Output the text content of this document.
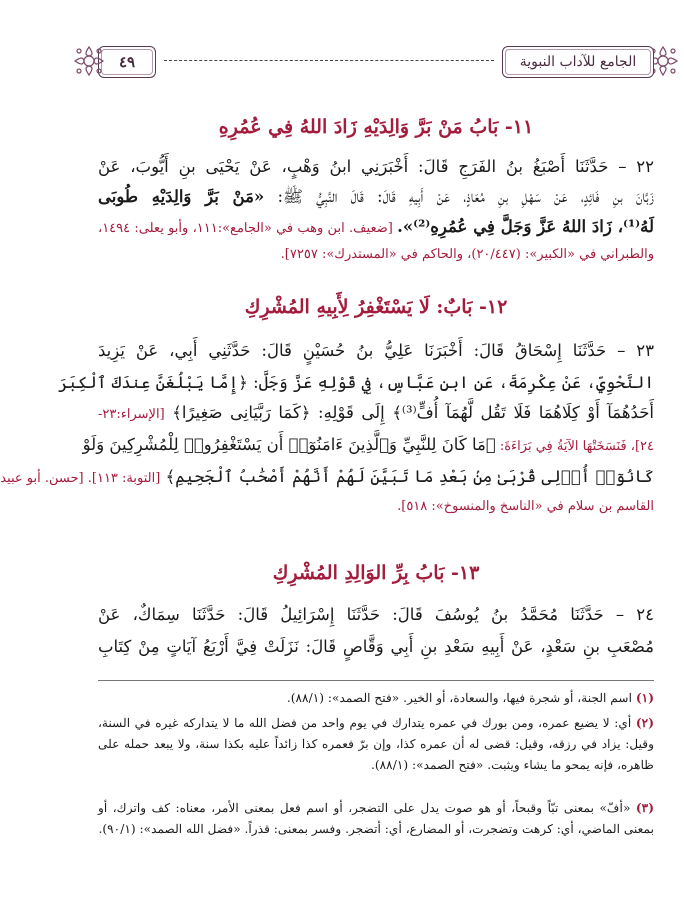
الجامع للآداب النبوية
٤٩
١١- بَابُ مَنْ بَرَّ وَالِدَيْهِ زَادَ اللهُ فِي عُمُرِهِ
٢٢ – حَدَّثَنَا أَصْبَغُ بنُ الفَرَجِ قَالَ: أَخْبَرَنِي ابنُ وَهْبٍ، عَنْ يَحْيَى بنِ أَيُّوبَ، عَنْ
زَبَّانَ بنِ فَائِدٍ، عَنْ سَهْلِ بنِ مُعَاذٍ، عَنْ أَبِيهِ قَالَ: قَالَ النَّبِيُّ ﷺ: «مَنْ بَرَّ وَالِدَيْهِ طُوبَى
لَهُ⁽¹⁾، زَادَ اللهُ عَزَّ وَجَلَّ فِي عُمُرِهِ⁽²⁾». [ضعيف. ابن وهب في «الجامع»:١١١، وأبو يعلى: ١٤٩٤،
والطبراني في «الكبير»: (٢٠/٤٤٧)، والحاكم في «المستدرك»: ٧٢٥٧].
١٢- بَابٌ: لَا يَسْتَغْفِرُ لِأَبِيهِ المُشْرِكِ
٢٣ – حَدَّثَنَا إِسْحَاقُ قَالَ: أَخْبَرَنَا عَلِيُّ بنُ حُسَيْنٍ قَالَ: حَدَّثَنِي أَبِي، عَنْ يَزِيدَ
النَّحْوِيِّ، عَنْ عِكْرِمَةَ، عَنِ ابنِ عَبَّاسٍ، فِي قَوْلِهِ عَزَّ وَجَلَّ: ﴿إِمَّا يَبْلُغَنَّ عِندَكَ ٱلْكِبَرَ
أَحَدُهُمَآ أَوْ كِلَاهُمَا فَلَا تَقُل لَّهُمَآ أُفٍّ⁽³⁾﴾ إِلَى قَوْلِهِ: ﴿كَمَا رَبَّيَانِى صَغِيرًا﴾ [الإسراء:٢٣-
٢٤]، فَنَسَخَتْهَا الآيَةُ فِي بَرَاءَةَ: ﴿مَا كَانَ لِلنَّبِيِّ وَٱلَّذِينَ ءَامَنُوٓا۟ أَن يَسْتَغْفِرُوا۟ لِلْمُشْرِكِينَ وَلَوْ
كَانُوٓا۟ أُو۟لِى قُرْبَىٰ مِنۢ بَعْدِ مَا تَبَيَّنَ لَهُمْ أَنَّهُمْ أَصْحَٰبُ ٱلْجَحِيمِ﴾ [التوبة: ١١٣]. [حسن. أبو عبيد
القاسم بن سلام في «الناسخ والمنسوخ»: ٥١٨].
١٣- بَابُ بِرِّ الوَالِدِ المُشْرِكِ
٢٤ – حَدَّثَنَا مُحَمَّدُ بنُ يُوسُفَ قَالَ: حَدَّثَنَا إِسْرَائِيلُ قَالَ: حَدَّثَنَا سِمَاكٌ، عَنْ
مُصْعَبِ بنِ سَعْدٍ، عَنْ أَبِيهِ سَعْدِ بنِ أَبِي وَقَّاصٍ قَالَ: نَزَلَتْ فِيَّ أَرْبَعُ آيَاتٍ مِنْ كِتَابِ
(١) اسم الجنة، أو شجرة فيها، والسعادة، أو الخير. «فتح الصمد»: (٨٨/١).
(٢) أي: لا يضيع عمره، ومن بورك في عمره يتدارك في يوم واحد من فضل الله ما لا يتداركه غيره في السنة، وقيل: يزاد في رزقه، وقيل: قضى له أن عمره كذا، وإن برّ فعمره كذا زائداً عليه بكذا سنة، ولا يبعد حمله على ظاهره، فإنه يمحو ما يشاء ويثبت. «فتح الصمد»: (٨٨/١).
(٣) «أفّ» بمعنى تبّاً وقبحاً، أو هو صوت يدل على التضجر، أو اسم فعل بمعنى الأمر، معناه: كف واترك، أو بمعنى الماضي، أي: كرهت وتضجرت، أو المضارع، أي: أتضجر. وفسر بمعنى: قذراً. «فضل الله الصمد»: (٩٠/١).
